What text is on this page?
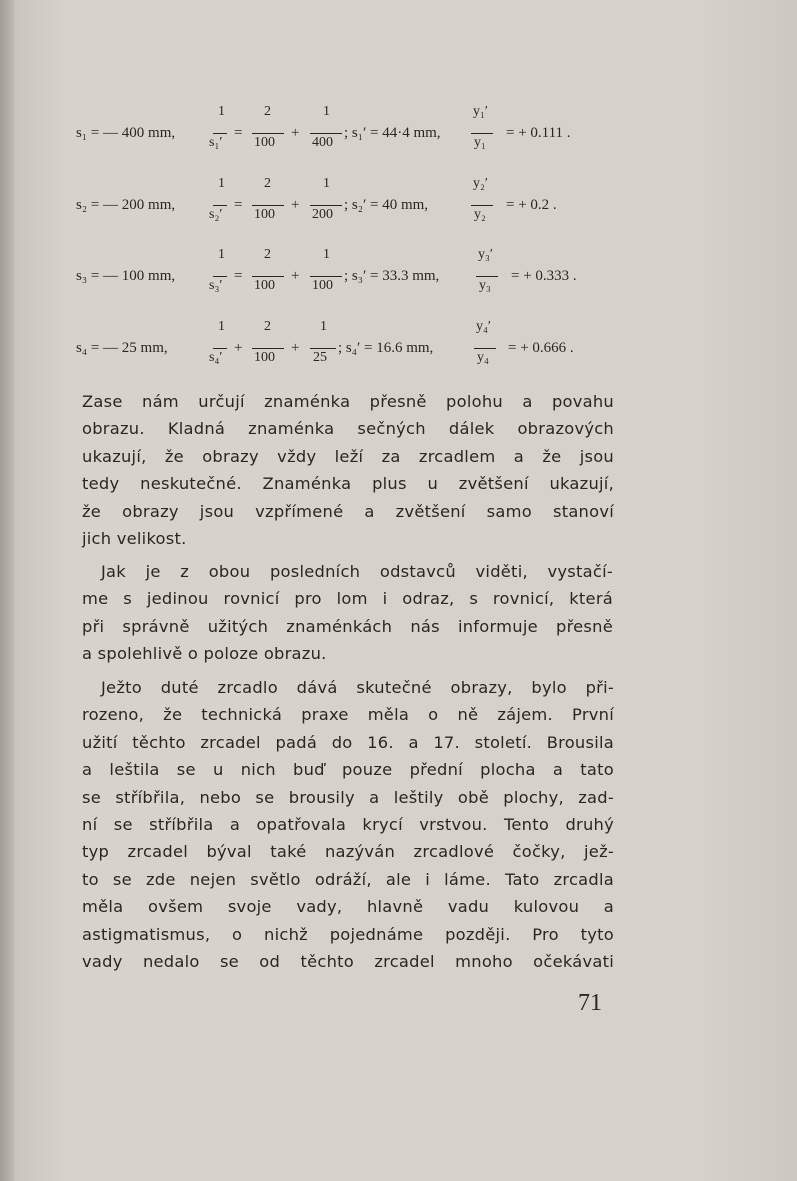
s₁ = — 400 mm,
1
s₁′
=
2
100
+
1
400
; s₁′ = 44·4 mm,
y₁′
y₁
= + 0.111 .
s₂ = — 200 mm,
1
s₂′
=
2
100
+
1
200
; s₂′ = 40 mm,
y₂′
y₂
= + 0.2 .
s₃ = — 100 mm,
1
s₃′
=
2
100
+
1
100
; s₃′ = 33.3 mm,
y₃′
y₃
= + 0.333 .
s₄ = — 25 mm,
1
s₄′
+
2
100
+
1
25
; s₄′ = 16.6 mm,
y₄′
y₄
= + 0.666 .
Zase nám určují znaménka přesně polohu a povahu
obrazu. Kladná znaménka sečných dálek obrazových
ukazují, že obrazy vždy leží za zrcadlem a že jsou
tedy neskutečné. Znaménka plus u zvětšení ukazují,
že obrazy jsou vzpřímené a zvětšení samo stanoví
jich velikost.
Jak je z obou posledních odstavců viděti, vystačí-
me s jedinou rovnicí pro lom i odraz, s rovnicí, která
při správně užitých znaménkách nás informuje přesně
a spolehlivě o poloze obrazu.
Ježto duté zrcadlo dává skutečné obrazy, bylo při-
rozeno, že technická praxe měla o ně zájem. První
užití těchto zrcadel padá do 16. a 17. století. Brousila
a leštila se u nich buď pouze přední plocha a tato
se stříbřila, nebo se brousily a leštily obě plochy, zad-
ní se stříbřila a opatřovala krycí vrstvou. Tento druhý
typ zrcadel býval také nazýván zrcadlové čočky, jež-
to se zde nejen světlo odráží, ale i láme. Tato zrcadla
měla ovšem svoje vady, hlavně vadu kulovou a
astigmatismus, o nichž pojednáme později. Pro tyto
vady nedalo se od těchto zrcadel mnoho očekávati
71
